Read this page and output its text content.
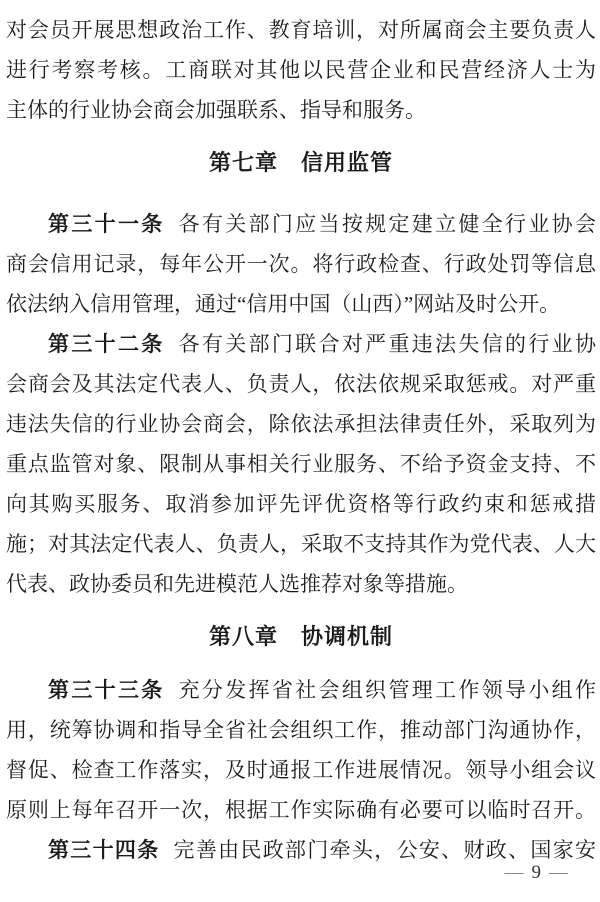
对会员开展思想政治工作、教育培训，对所属商会主要负责人
进行考察考核。工商联对其他以民营企业和民营经济人士为
主体的行业协会商会加强联系、指导和服务。
第七章　信用监管
第三十一条 各有关部门应当按规定建立健全行业协会
商会信用记录，每年公开一次。将行政检查、行政处罚等信息
依法纳入信用管理，通过“信用中国（山西）”网站及时公开。
第三十二条 各有关部门联合对严重违法失信的行业协
会商会及其法定代表人、负责人，依法依规采取惩戒。对严重
违法失信的行业协会商会，除依法承担法律责任外，采取列为
重点监管对象、限制从事相关行业服务、不给予资金支持、不
向其购买服务、取消参加评先评优资格等行政约束和惩戒措
施；对其法定代表人、负责人，采取不支持其作为党代表、人大
代表、政协委员和先进模范人选推荐对象等措施。
第八章　协调机制
第三十三条 充分发挥省社会组织管理工作领导小组作
用，统筹协调和指导全省社会组织工作，推动部门沟通协作，
督促、检查工作落实，及时通报工作进展情况。领导小组会议
原则上每年召开一次，根据工作实际确有必要可以临时召开。
第三十四条 完善由民政部门牵头，公安、财政、国家安
— 9 —
